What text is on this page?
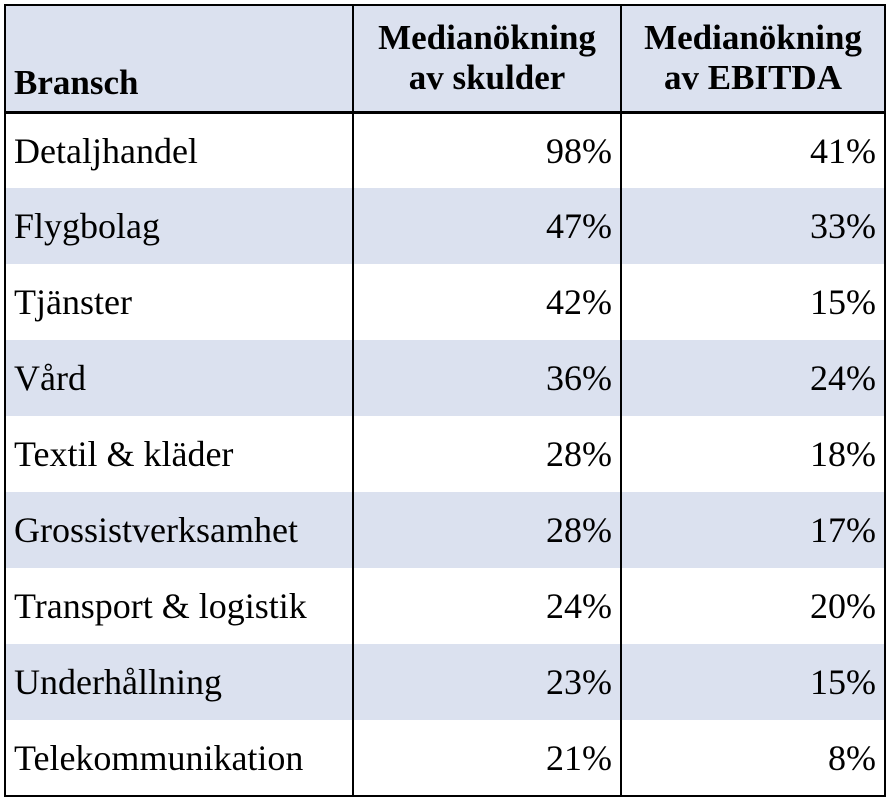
Bransch	Medianökning av skulder	Medianökning av EBITDA
Detaljhandel	98%	41%
Flygbolag	47%	33%
Tjänster	42%	15%
Vård	36%	24%
Textil & kläder	28%	18%
Grossistverksamhet	28%	17%
Transport & logistik	24%	20%
Underhållning	23%	15%
Telekommunikation	21%	8%
